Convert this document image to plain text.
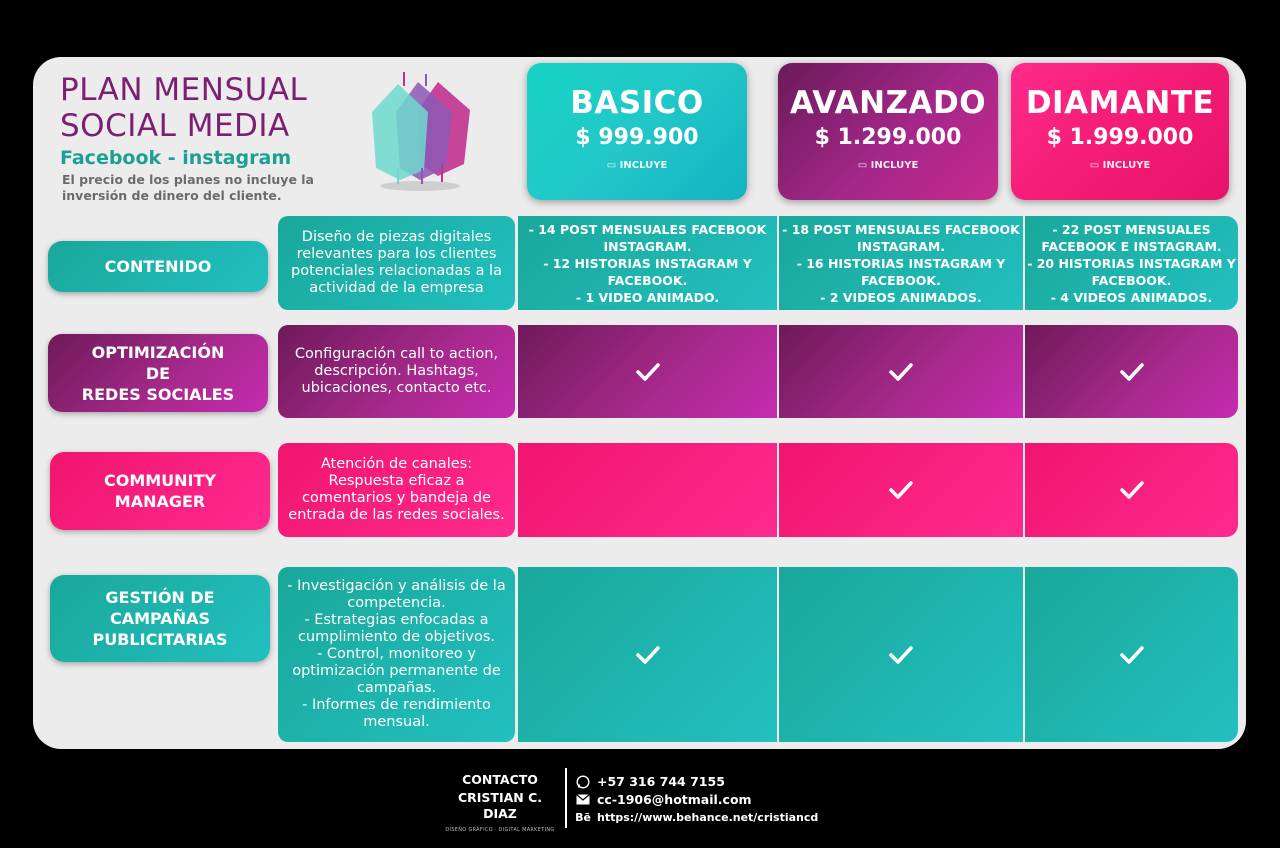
PLAN MENSUAL
SOCIAL MEDIA
Facebook - instagram
El precio de los planes no incluye la inversión de dinero del cliente.
BASICO
$ 999.900
▭ INCLUYE
AVANZADO
$ 1.299.000
▭ INCLUYE
DIAMANTE
$ 1.999.000
▭ INCLUYE
CONTENIDO
Diseño de piezas digitales relevantes para los clientes potenciales relacionadas a la actividad de la empresa
- 14 POST MENSUALES FACEBOOK INSTAGRAM.
- 12 HISTORIAS INSTAGRAM Y FACEBOOK.
- 1 VIDEO ANIMADO.
- 18 POST MENSUALES FACEBOOK INSTAGRAM.
- 16 HISTORIAS INSTAGRAM Y FACEBOOK.
- 2 VIDEOS ANIMADOS.
- 22 POST MENSUALES FACEBOOK E INSTAGRAM.
- 20 HISTORIAS INSTAGRAM Y FACEBOOK.
- 4 VIDEOS ANIMADOS.
OPTIMIZACIÓN
DE
REDES SOCIALES
Configuración call to action, descripción. Hashtags, ubicaciones, contacto etc.
COMMUNITY
MANAGER
Atención de canales: Respuesta eficaz a comentarios y bandeja de entrada de las redes sociales.
GESTIÓN DE
CAMPAÑAS
PUBLICITARIAS
- Investigación y análisis de la competencia.
- Estrategias enfocadas a cumplimiento de objetivos.
- Control, monitoreo y optimización permanente de campañas.
- Informes de rendimiento mensual.
CONTACTO
CRISTIAN C. DIAZ
DISEÑO GRÁFICO · DIGITAL MARKETING
+57 316 744 7155
cc-1906@hotmail.com
Bē https://www.behance.net/cristiancd
